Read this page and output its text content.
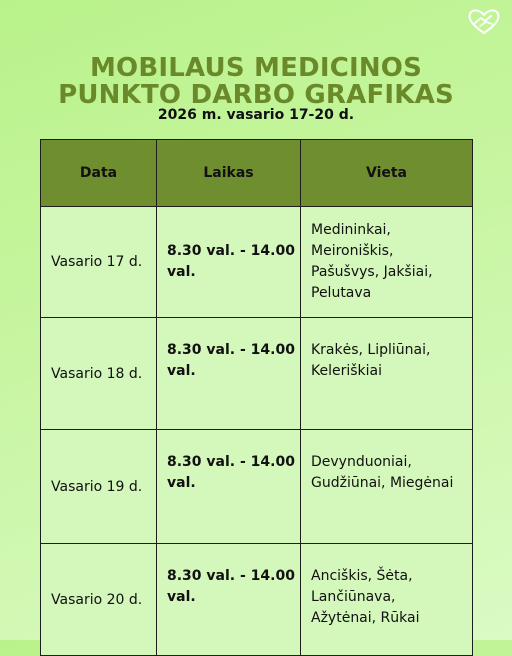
MOBILAUS MEDICINOS
PUNKTO DARBO GRAFIKAS
2026 m. vasario 17-20 d.
Data	Laikas	Vieta
Vasario 17 d.	8.30 val. - 14.00
val.	Medininkai,
Meironiškis,
Pašušvys, Jakšiai,
Pelutava

Vasario 18 d.	8.30 val. - 14.00
val.	Krakės, Lipliūnai,
Keleriškiai

Vasario 19 d.	8.30 val. - 14.00
val.	Devynduoniai,
Gudžiūnai, Miegėnai

Vasario 20 d.	8.30 val. - 14.00
val.	Anciškis, Šėta,
Lančiūnava,
Ažytėnai, Rūkai
